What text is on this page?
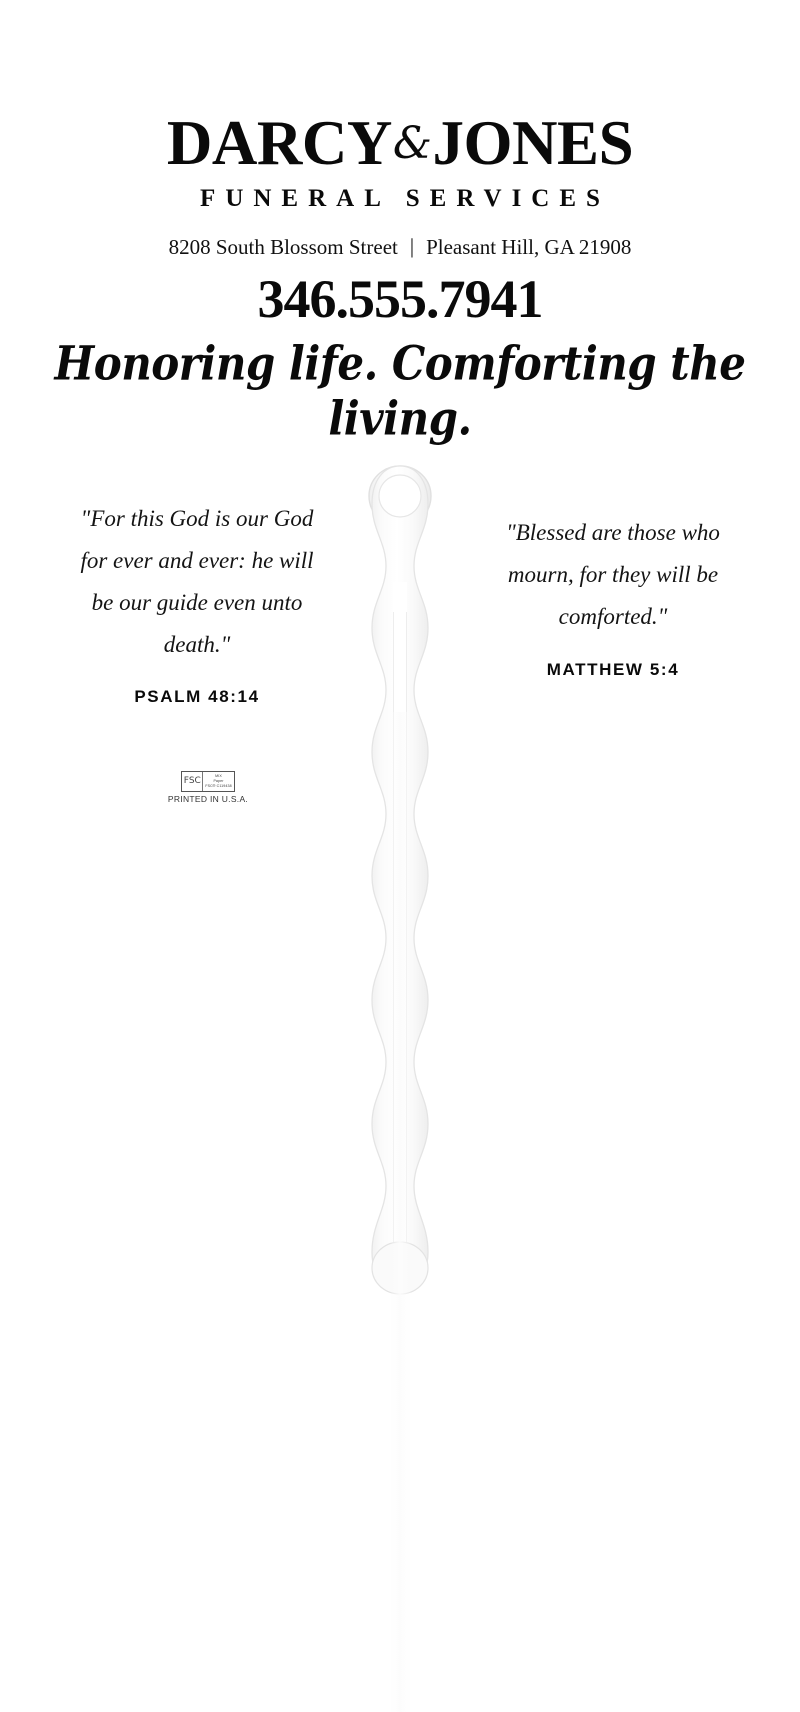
DARCY&JONES
FUNERAL SERVICES
8208 South Blossom Street | Pleasant Hill, GA 21908
346.555.7941
Honoring life. Comforting the living.
"For this God is our God for ever and ever: he will be our guide even unto death."
PSALM 48:14
"Blessed are those who mourn, for they will be comforted."
MATTHEW 5:4
FSC	MIX
Paper
FSC® C119438
PRINTED IN U.S.A.
